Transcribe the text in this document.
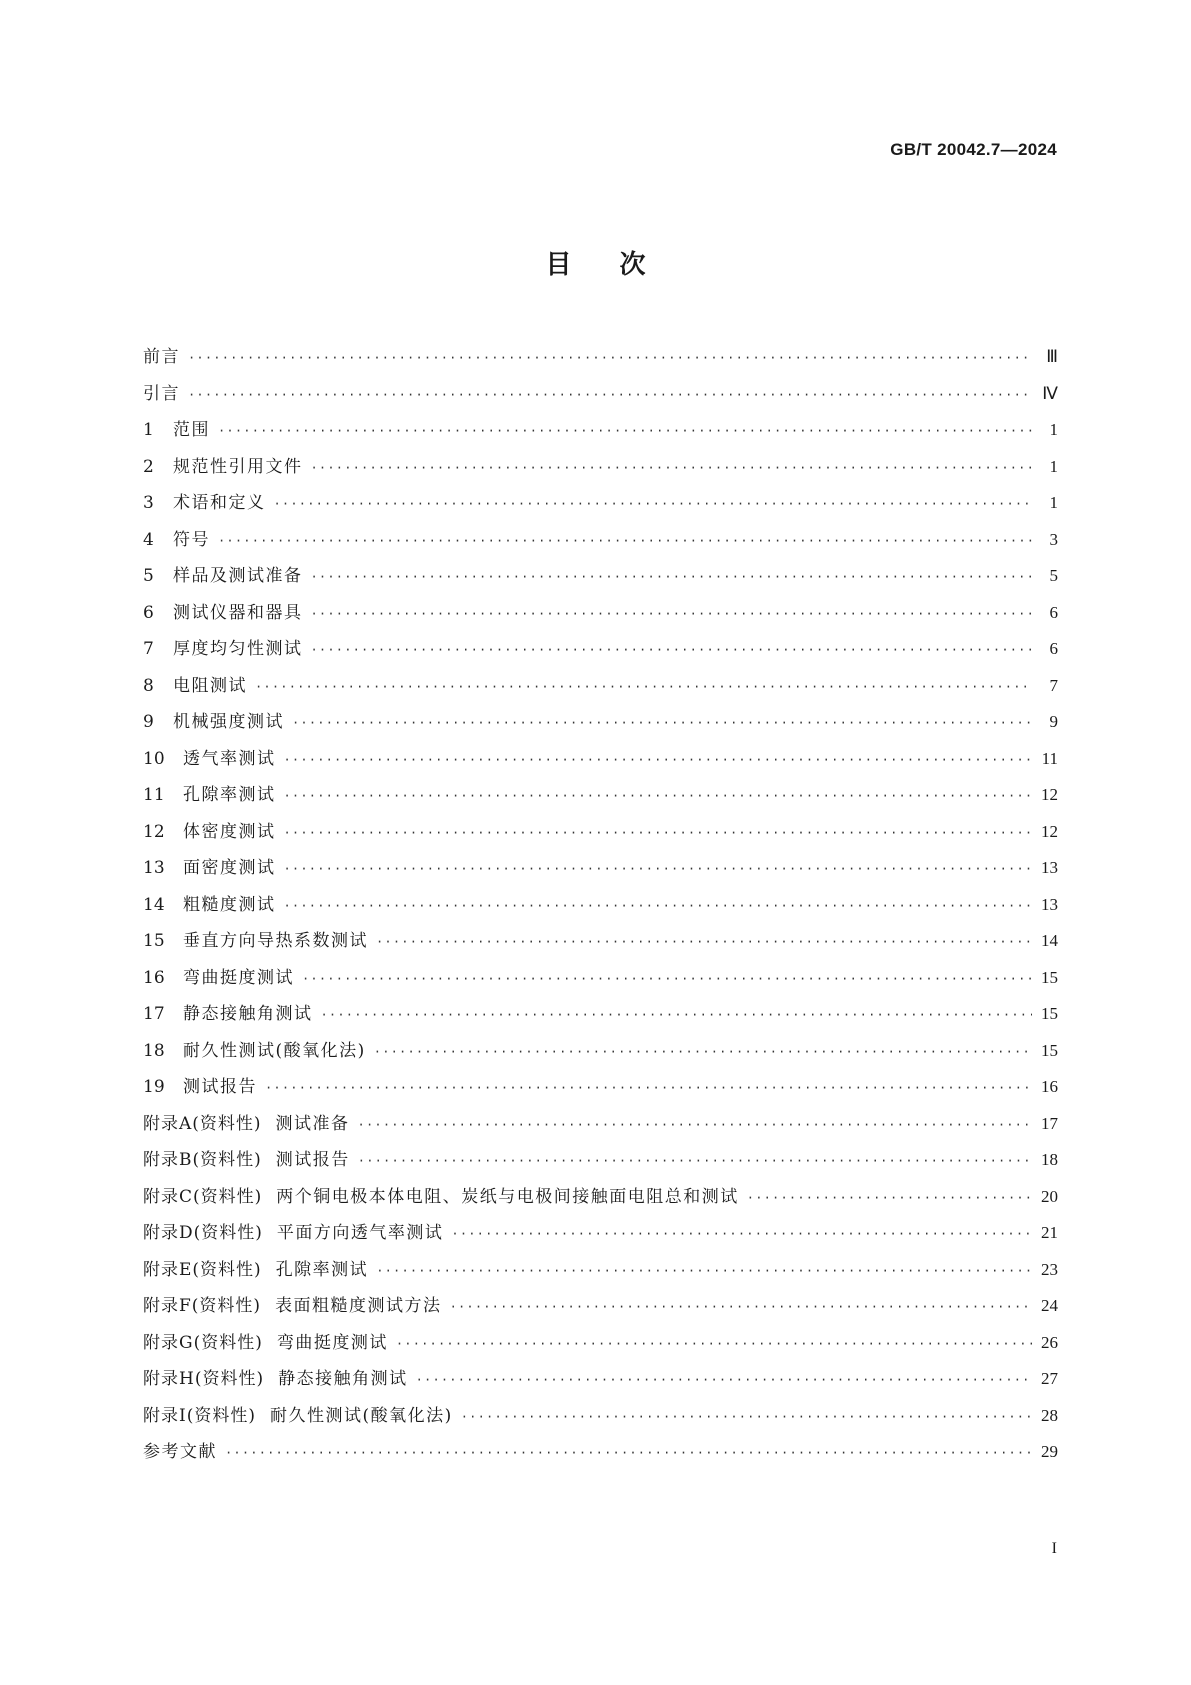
GB/T 20042.7—2024
目次
前言 ·····	Ⅲ
引言 ·····	Ⅳ
1	范围 ·····	1
2	规范性引用文件 ·····	1
3	术语和定义 ·····	1
4	符号 ·····	3
5	样品及测试准备 ·····	5
6	测试仪器和器具 ·····	6
7	厚度均匀性测试 ·····	6
8	电阻测试 ·····	7
9	机械强度测试 ·····	9
10	透气率测试 ·····	11
11	孔隙率测试 ·····	12
12	体密度测试 ·····	12
13	面密度测试 ·····	13
14	粗糙度测试 ·····	13
15	垂直方向导热系数测试 ·····	14
16	弯曲挺度测试 ·····	15
17	静态接触角测试 ·····	15
18	耐久性测试(酸氧化法) ·····	15
19	测试报告 ·····	16
附录A(资料性) 测试准备 ·····	17
附录B(资料性) 测试报告 ·····	18
附录C(资料性) 两个铜电极本体电阻、炭纸与电极间接触面电阻总和测试 ·····	20
附录D(资料性) 平面方向透气率测试 ·····	21
附录E(资料性) 孔隙率测试 ·····	23
附录F(资料性) 表面粗糙度测试方法 ·····	24
附录G(资料性) 弯曲挺度测试 ·····	26
附录H(资料性) 静态接触角测试 ·····	27
附录I(资料性) 耐久性测试(酸氧化法) ·····	28
参考文献 ·····	29
I
